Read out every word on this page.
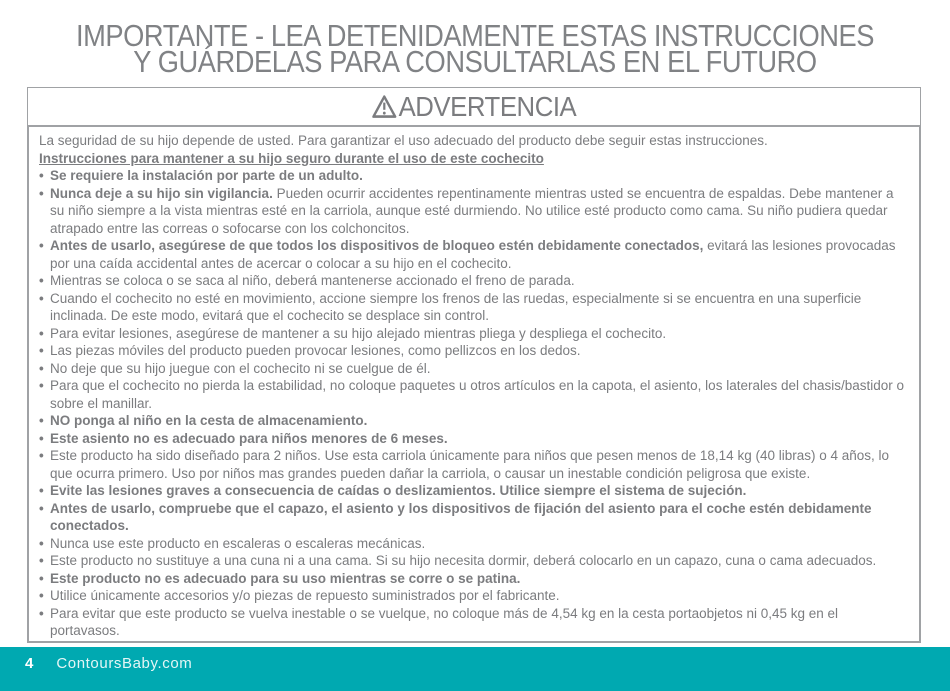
IMPORTANTE - LEA DETENIDAMENTE ESTAS INSTRUCCIONES
Y GUÁRDELAS PARA CONSULTARLAS EN EL FUTURO
ADVERTENCIA
La seguridad de su hijo depende de usted. Para garantizar el uso adecuado del producto debe seguir estas instrucciones.
Instrucciones para mantener a su hijo seguro durante el uso de este cochecito
• Se requiere la instalación por parte de un adulto.
• Nunca deje a su hijo sin vigilancia. Pueden ocurrir accidentes repentinamente mientras usted se encuentra de espaldas. Debe mantener a su niño siempre a la vista mientras esté en la carriola, aunque esté durmiendo. No utilice esté producto como cama. Su niño pudiera quedar atrapado entre las correas o sofocarse con los colchoncitos.
• Antes de usarlo, asegúrese de que todos los dispositivos de bloqueo estén debidamente conectados, evitará las lesiones provocadas por una caída accidental antes de acercar o colocar a su hijo en el cochecito.
• Mientras se coloca o se saca al niño, deberá mantenerse accionado el freno de parada.
• Cuando el cochecito no esté en movimiento, accione siempre los frenos de las ruedas, especialmente si se encuentra en una superficie inclinada. De este modo, evitará que el cochecito se desplace sin control.
• Para evitar lesiones, asegúrese de mantener a su hijo alejado mientras pliega y despliega el cochecito.
• Las piezas móviles del producto pueden provocar lesiones, como pellizcos en los dedos.
• No deje que su hijo juegue con el cochecito ni se cuelgue de él.
• Para que el cochecito no pierda la estabilidad, no coloque paquetes u otros artículos en la capota, el asiento, los laterales del chasis/bastidor o sobre el manillar.
• NO ponga al niño en la cesta de almacenamiento.
• Este asiento no es adecuado para niños menores de 6 meses.
• Este producto ha sido diseñado para 2 niños. Use esta carriola únicamente para niños que pesen menos de 18,14 kg (40 libras) o 4 años, lo que ocurra primero. Uso por niños mas grandes pueden dañar la carriola, o causar un inestable condición peligrosa que existe.
• Evite las lesiones graves a consecuencia de caídas o deslizamientos. Utilice siempre el sistema de sujeción.
• Antes de usarlo, compruebe que el capazo, el asiento y los dispositivos de fijación del asiento para el coche estén debidamente conectados.
• Nunca use este producto en escaleras o escaleras mecánicas.
• Este producto no sustituye a una cuna ni a una cama. Si su hijo necesita dormir, deberá colocarlo en un capazo, cuna o cama adecuados.
• Este producto no es adecuado para su uso mientras se corre o se patina.
• Utilice únicamente accesorios y/o piezas de repuesto suministrados por el fabricante.
• Para evitar que este producto se vuelva inestable o se vuelque, no coloque más de 4,54 kg en la cesta portaobjetos ni 0,45 kg en el portavasos.
4 ContoursBaby.com
